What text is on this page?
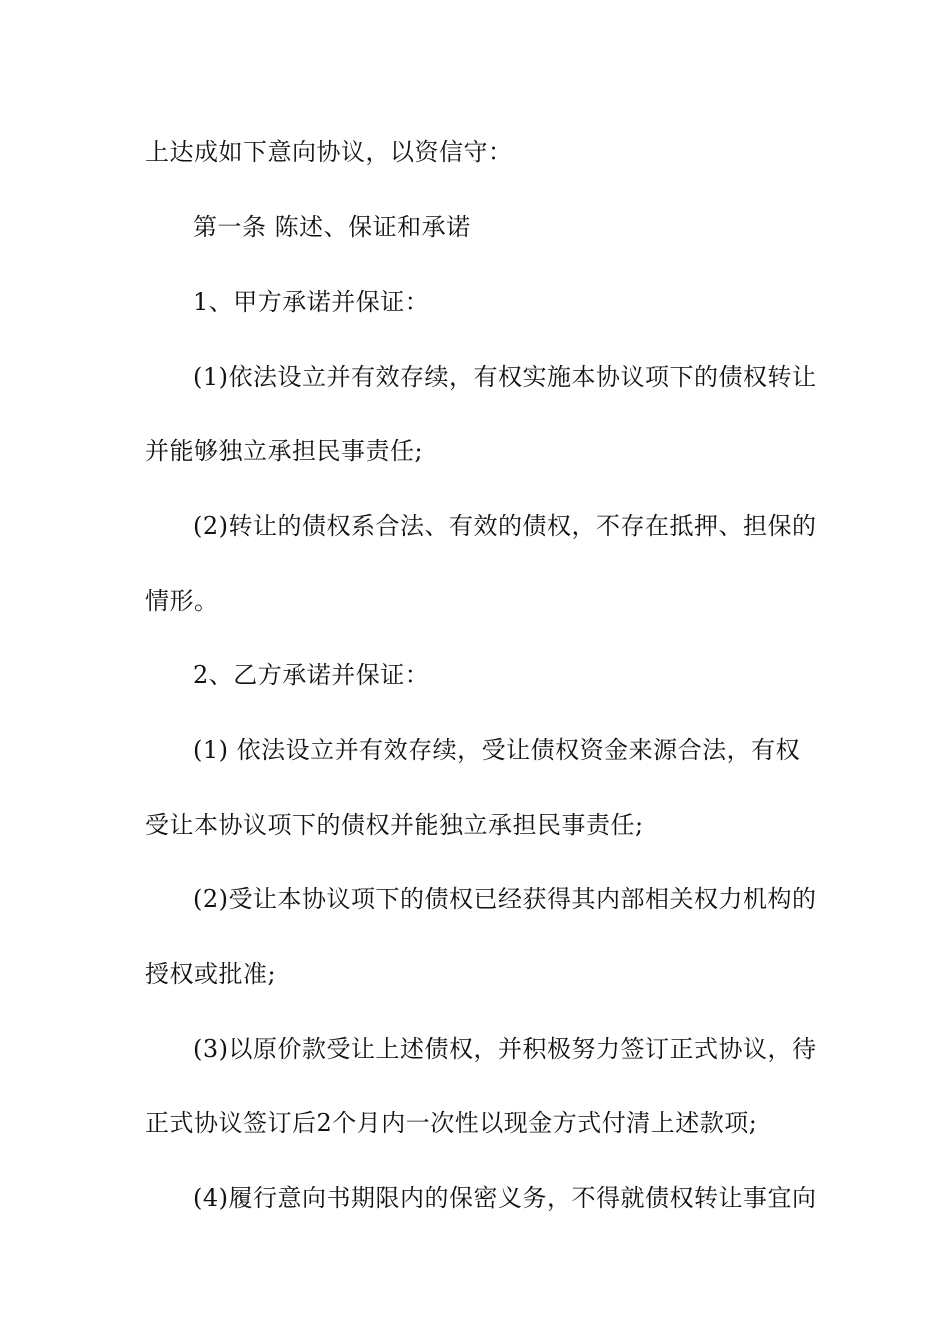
上达成如下意向协议，以资信守：
第一条 陈述、保证和承诺
1、甲方承诺并保证：
(1)依法设立并有效存续，有权实施本协议项下的债权转让
并能够独立承担民事责任;
(2)转让的债权系合法、有效的债权，不存在抵押、担保的
情形。
2、乙方承诺并保证：
(1) 依法设立并有效存续，受让债权资金来源合法，有权
受让本协议项下的债权并能独立承担民事责任;
(2)受让本协议项下的债权已经获得其内部相关权力机构的
授权或批准;
(3)以原价款受让上述债权，并积极努力签订正式协议，待
正式协议签订后2个月内一次性以现金方式付清上述款项;
(4)履行意向书期限内的保密义务，不得就债权转让事宜向
